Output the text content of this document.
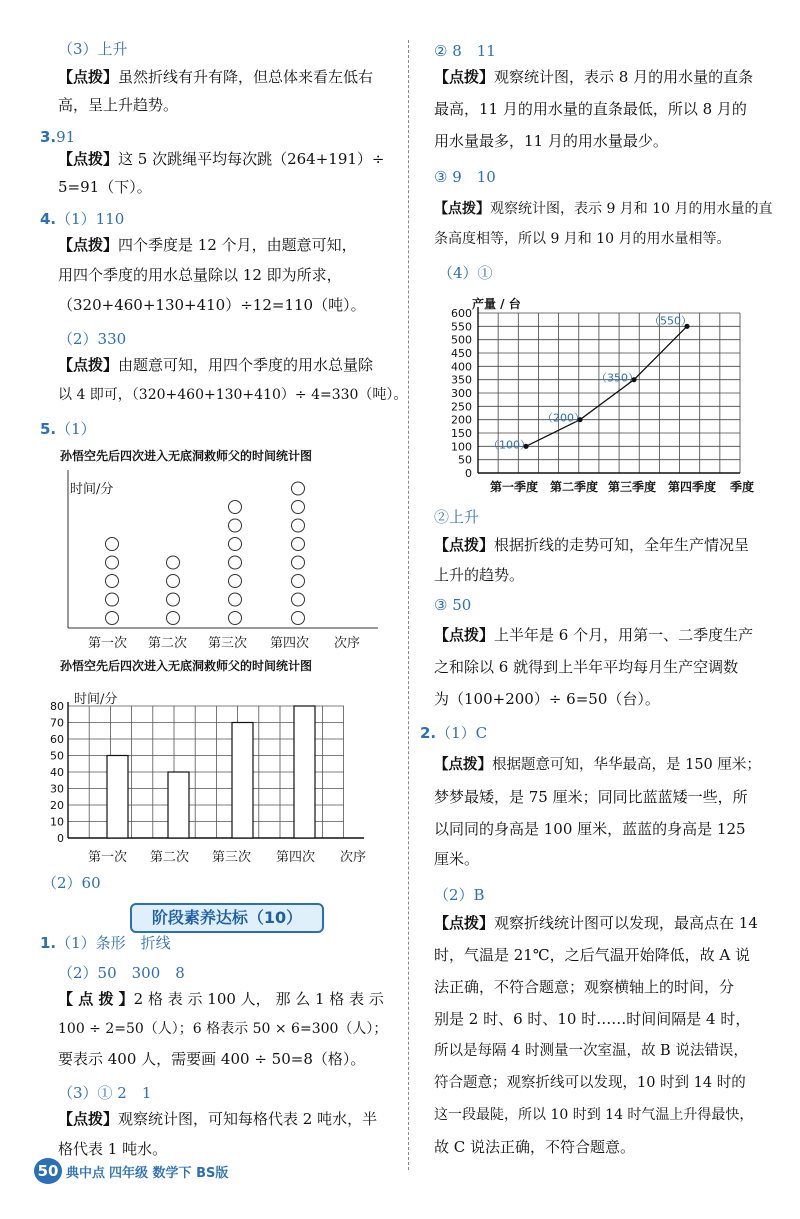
（3）上升
【点拨】虽然折线有升有降，但总体来看左低右
高，呈上升趋势。
3.91
【点拨】这 5 次跳绳平均每次跳（264+191）÷
5=91（下）。
4.（1）110
【点拨】四个季度是 12 个月，由题意可知，
用四个季度的用水总量除以 12 即为所求，
（320+460+130+410）÷12=110（吨）。
（2）330
【点拨】由题意可知，用四个季度的用水总量除
以 4 即可，（320+460+130+410）÷ 4=330（吨）。
5.（1）
孙悟空先后四次进入无底洞救师父的时间统计图
时间/分
第一次 第二次 第三次 第四次 次序
孙悟空先后四次进入无底洞救师父的时间统计图
时间/分
0
10
20
30
40
50
60
70
80
第一次 第二次 第三次 第四次 次序
（2）60
阶段素养达标（10）
1.（1）条形　折线
（2）50　300　8
【 点 拨 】2 格 表 示 100 人， 那 么 1 格 表 示
100 ÷ 2=50（人）；6 格表示 50 × 6=300（人）；
要表示 400 人，需要画 400 ÷ 50=8（格）。
（3）① 2　1
【点拨】观察统计图，可知每格代表 2 吨水，半
格代表 1 吨水。
② 8　11
【点拨】观察统计图，表示 8 月的用水量的直条
最高，11 月的用水量的直条最低，所以 8 月的
用水量最多，11 月的用水量最少。
③ 9　10
【点拨】观察统计图，表示 9 月和 10 月的用水量的直
条高度相等，所以 9 月和 10 月的用水量相等。
（4）①
产量 / 台
0
50
100
150
200
250
300
350
400
450
500
550
600
（100）
（200）
（350）
（550）
第一季度 第二季度 第三季度 第四季度 季度
②上升
【点拨】根据折线的走势可知，全年生产情况呈
上升的趋势。
③ 50
【点拨】上半年是 6 个月，用第一、二季度生产
之和除以 6 就得到上半年平均每月生产空调数
为（100+200）÷ 6=50（台）。
2.（1）C
【点拨】根据题意可知，华华最高，是 150 厘米；
梦梦最矮，是 75 厘米；同同比蓝蓝矮一些，所
以同同的身高是 100 厘米，蓝蓝的身高是 125
厘米。
（2）B
【点拨】观察折线统计图可以发现，最高点在 14
时，气温是 21℃，之后气温开始降低，故 A 说
法正确，不符合题意；观察横轴上的时间，分
别是 2 时、6 时、10 时……时间间隔是 4 时，
所以是每隔 4 时测量一次室温，故 B 说法错误，
符合题意；观察折线可以发现，10 时到 14 时的
这一段最陡，所以 10 时到 14 时气温上升得最快，
故 C 说法正确，不符合题意。
50 典中点 四年级 数学下 BS版
